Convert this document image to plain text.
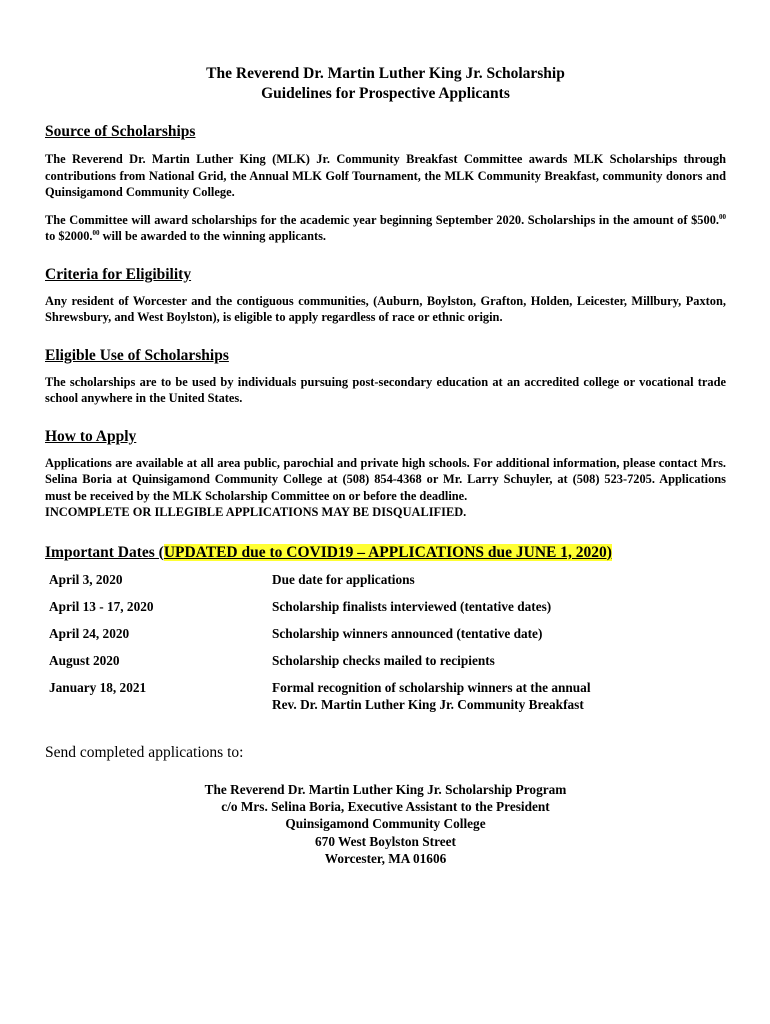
The Reverend Dr. Martin Luther King Jr. Scholarship
Guidelines for Prospective Applicants
Source of Scholarships

The Reverend Dr. Martin Luther King (MLK) Jr. Community Breakfast Committee awards MLK Scholarships through contributions from National Grid, the Annual MLK Golf Tournament, the MLK Community Breakfast, community donors and Quinsigamond Community College.

The Committee will award scholarships for the academic year beginning September 2020. Scholarships in the amount of $500.00 to $2000.00 will be awarded to the winning applicants.

Criteria for Eligibility

Any resident of Worcester and the contiguous communities, (Auburn, Boylston, Grafton, Holden, Leicester, Millbury, Paxton, Shrewsbury, and West Boylston), is eligible to apply regardless of race or ethnic origin.

Eligible Use of Scholarships

The scholarships are to be used by individuals pursuing post-secondary education at an accredited college or vocational trade school anywhere in the United States.

How to Apply

Applications are available at all area public, parochial and private high schools. For additional information, please contact Mrs. Selina Boria at Quinsigamond Community College at (508) 854-4368 or Mr. Larry Schuyler, at (508) 523-7205. Applications must be received by the MLK Scholarship Committee on or before the deadline.
INCOMPLETE OR ILLEGIBLE APPLICATIONS MAY BE DISQUALIFIED.

Important Dates (UPDATED due to COVID19 – APPLICATIONS due JUNE 1, 2020)
April 3, 2020	Due date for applications
April 13 - 17, 2020	Scholarship finalists interviewed (tentative dates)
April 24, 2020	Scholarship winners announced (tentative date)
August 2020	Scholarship checks mailed to recipients
January 18, 2021	Formal recognition of scholarship winners at the annual
Rev. Dr. Martin Luther King Jr. Community Breakfast
Send completed applications to:
The Reverend Dr. Martin Luther King Jr. Scholarship Program
c/o Mrs. Selina Boria, Executive Assistant to the President
Quinsigamond Community College
670 West Boylston Street
Worcester, MA 01606
